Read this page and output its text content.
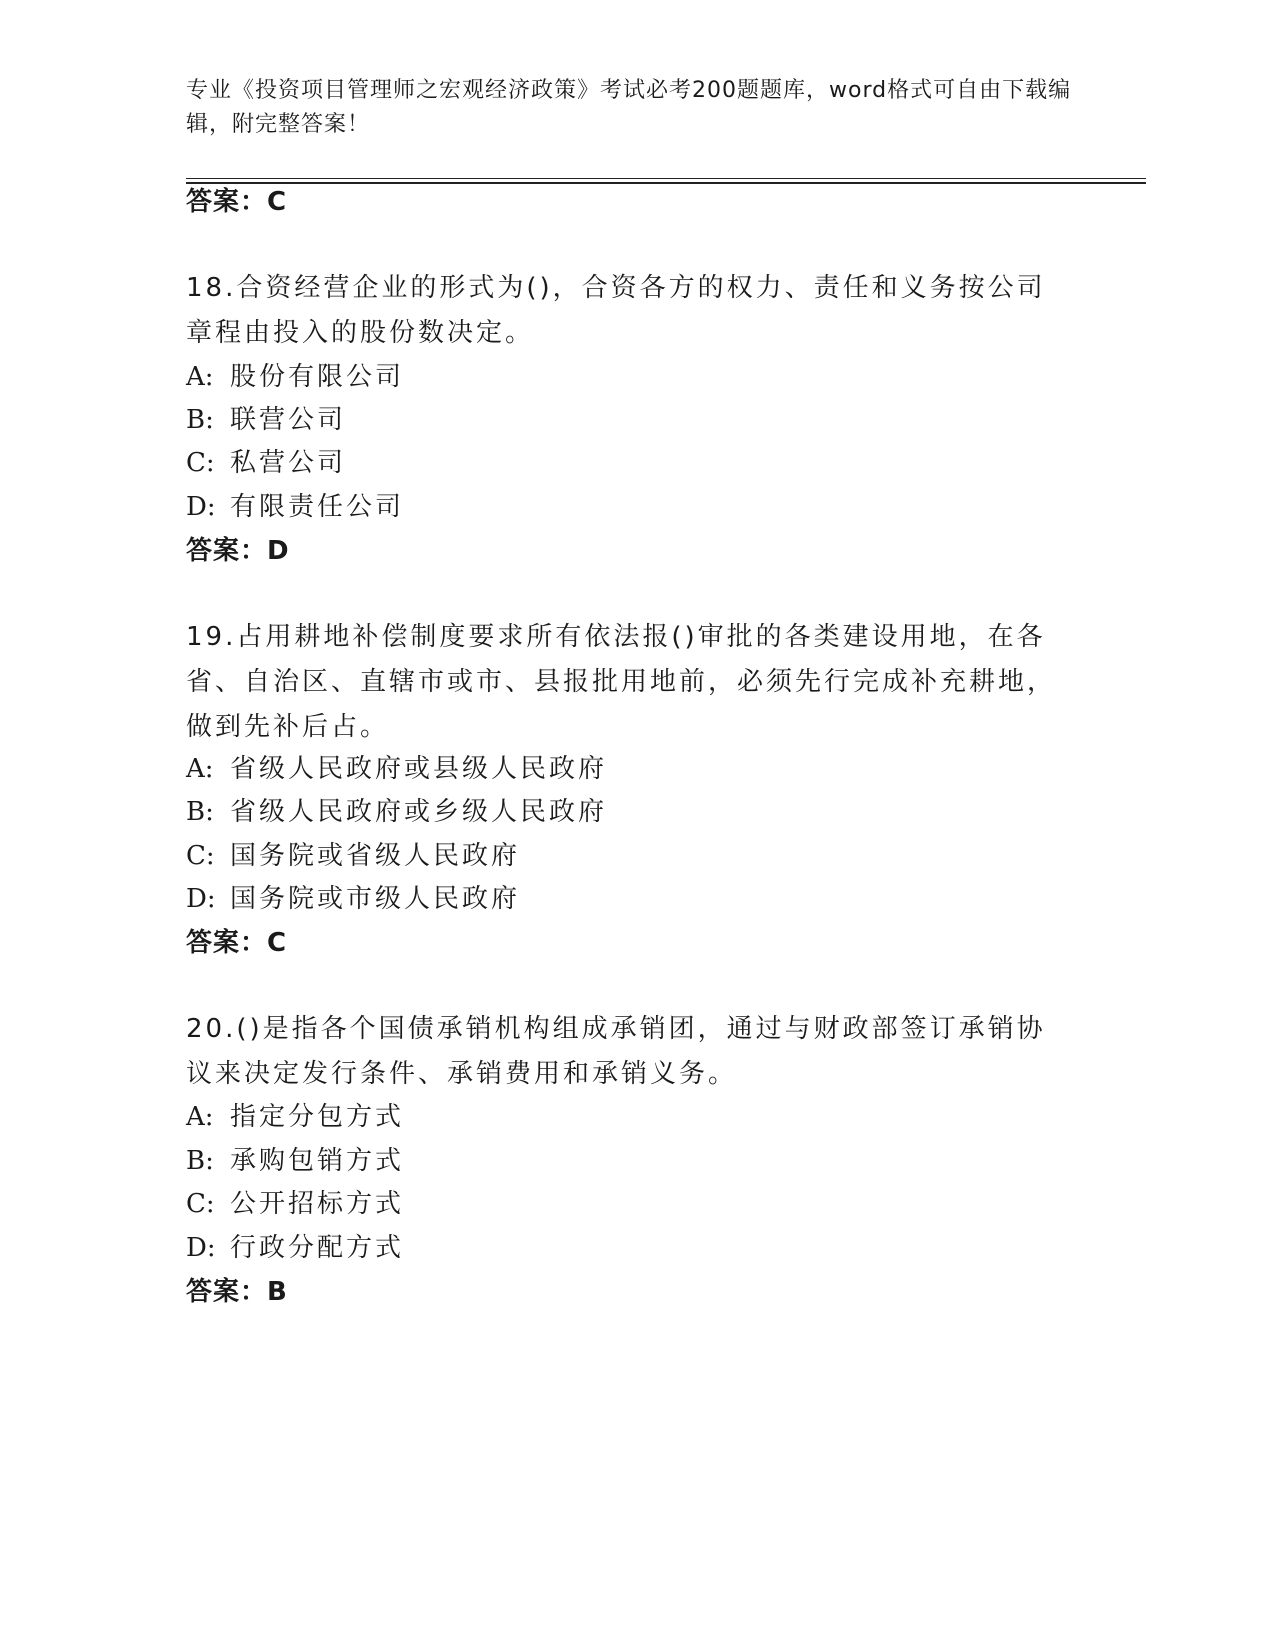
专业《投资项目管理师之宏观经济政策》考试必考200题题库，word格式可自由下载编辑，附完整答案！
答案：C
18.合资经营企业的形式为()，合资各方的权力、责任和义务按公司章程由投入的股份数决定。
A: 股份有限公司
B: 联营公司
C: 私营公司
D: 有限责任公司
答案：D
19.占用耕地补偿制度要求所有依法报()审批的各类建设用地，在各省、自治区、直辖市或市、县报批用地前，必须先行完成补充耕地，做到先补后占。
A: 省级人民政府或县级人民政府
B: 省级人民政府或乡级人民政府
C: 国务院或省级人民政府
D: 国务院或市级人民政府
答案：C
20.()是指各个国债承销机构组成承销团，通过与财政部签订承销协议来决定发行条件、承销费用和承销义务。
A: 指定分包方式
B: 承购包销方式
C: 公开招标方式
D: 行政分配方式
答案：B
